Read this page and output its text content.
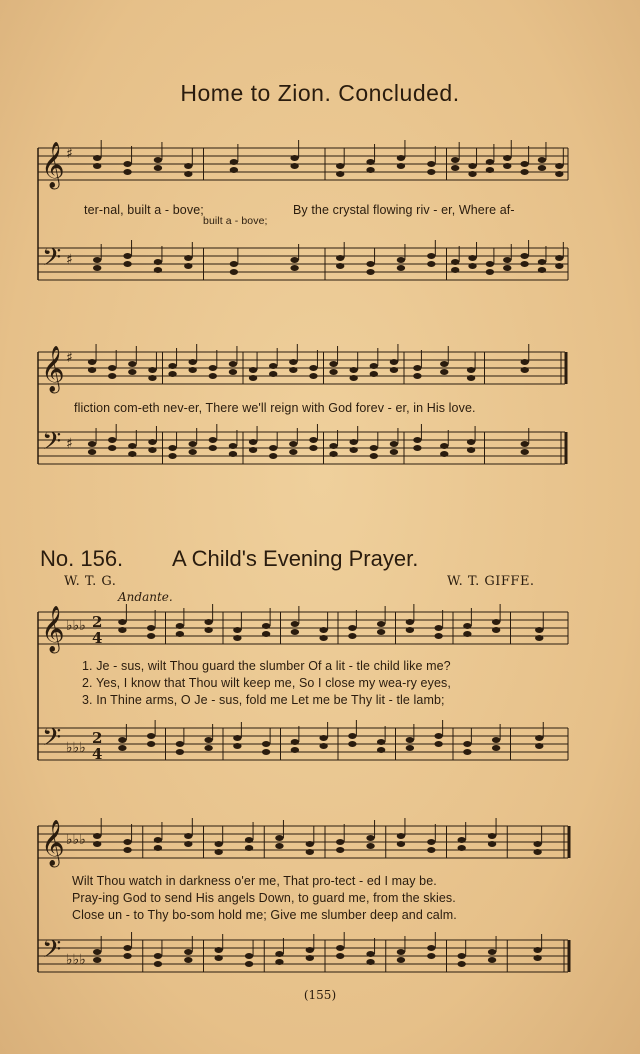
Home to Zion. Concluded.
𝄞
𝄢
♯
♯
𝄞
𝄢
♯
♯
𝄞
𝄢
♭♭♭
♭♭♭
2
4
2
4
𝄞
𝄢
♭♭♭
♭♭♭
ter-nal, built a - bove;
built a - bove;
By the crystal flowing riv - er, Where af-
fliction com-eth nev-er, There we'll reign with God forev - er, in His love.
No. 156. A Child's Evening Prayer.
W. T. G.	W. T. GIFFE.
Andante.
1. Je - sus, wilt Thou guard the slumber Of a lit - tle child like me?
2. Yes, I know that Thou wilt keep me, So I close my wea-ry eyes,
3. In Thine arms, O Je - sus, fold me Let me be Thy lit - tle lamb;
Wilt Thou watch in darkness o'er me, That pro-tect - ed I may be.
Pray-ing God to send His angels Down, to guard me, from the skies.
Close un - to Thy bo-som hold me; Give me slumber deep and calm.
(155)
